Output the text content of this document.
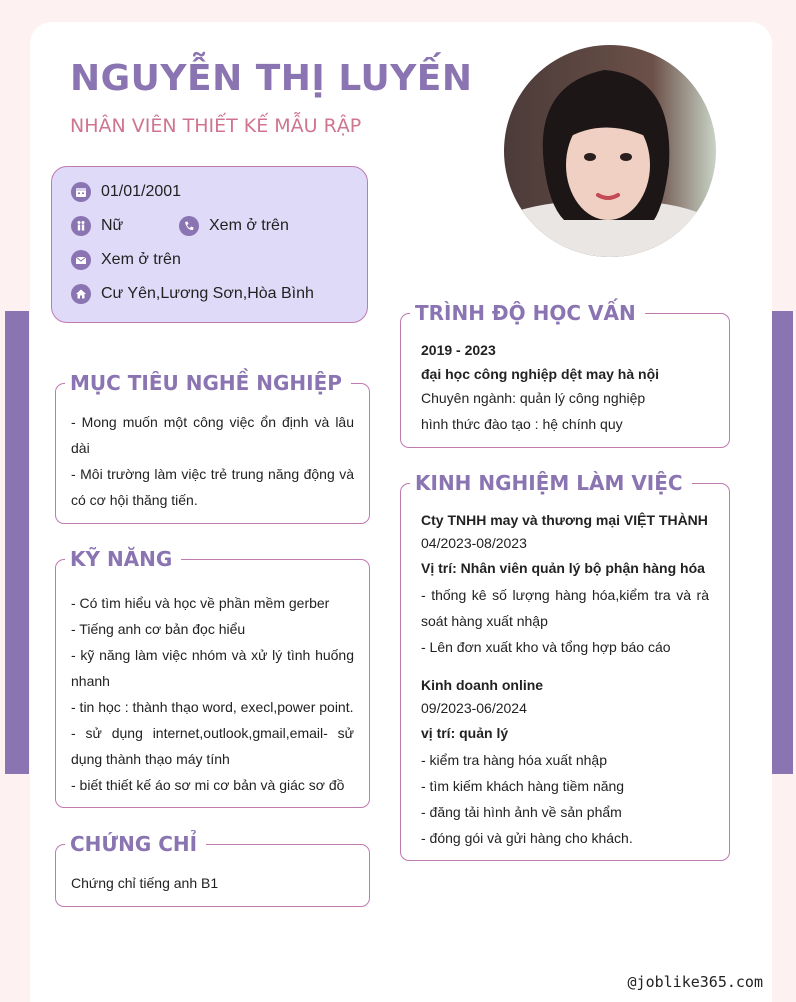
NGUYỄN THỊ LUYẾN
NHÂN VIÊN THIẾT KẾ MẪU RẬP
01/01/2001
Nữ	Xem ở trên
Xem ở trên
Cư Yên,Lương Sơn,Hòa Bình
MỤC TIÊU NGHỀ NGHIỆP

- Mong muốn một công việc ổn định và lâu dài

- Môi trường làm việc trẻ trung năng động và có cơ hội thăng tiến.

KỸ NĂNG

- Có tìm hiểu và học về phần mềm gerber

- Tiếng anh cơ bản đọc hiểu

- kỹ năng làm việc nhóm và xử lý tình huống nhanh

- tin học : thành thạo word, execl,power point.

- sử dụng internet,outlook,gmail,email- sử dụng thành thạo máy tính

- biết thiết kế áo sơ mi cơ bản và giác sơ đồ

CHỨNG CHỈ

Chứng chỉ tiếng anh B1

TRÌNH ĐỘ HỌC VẤN

2019 - 2023

đại học công nghiệp dệt may hà nội

Chuyên ngành: quản lý công nghiệp

hình thức đào tạo : hệ chính quy

KINH NGHIỆM LÀM VIỆC

Cty TNHH may và thương mại VIỆT THÀNH

04/2023-08/2023

Vị trí: Nhân viên quản lý bộ phận hàng hóa

- thống kê số lượng hàng hóa,kiểm tra và rà soát hàng xuất nhập

- Lên đơn xuất kho và tổng hợp báo cáo

Kinh doanh online

09/2023-06/2024

vị trí: quản lý

- kiểm tra hàng hóa xuất nhập

- tìm kiếm khách hàng tiềm năng

- đăng tải hình ảnh về sản phẩm

- đóng gói và gửi hàng cho khách.

@joblike365.com
